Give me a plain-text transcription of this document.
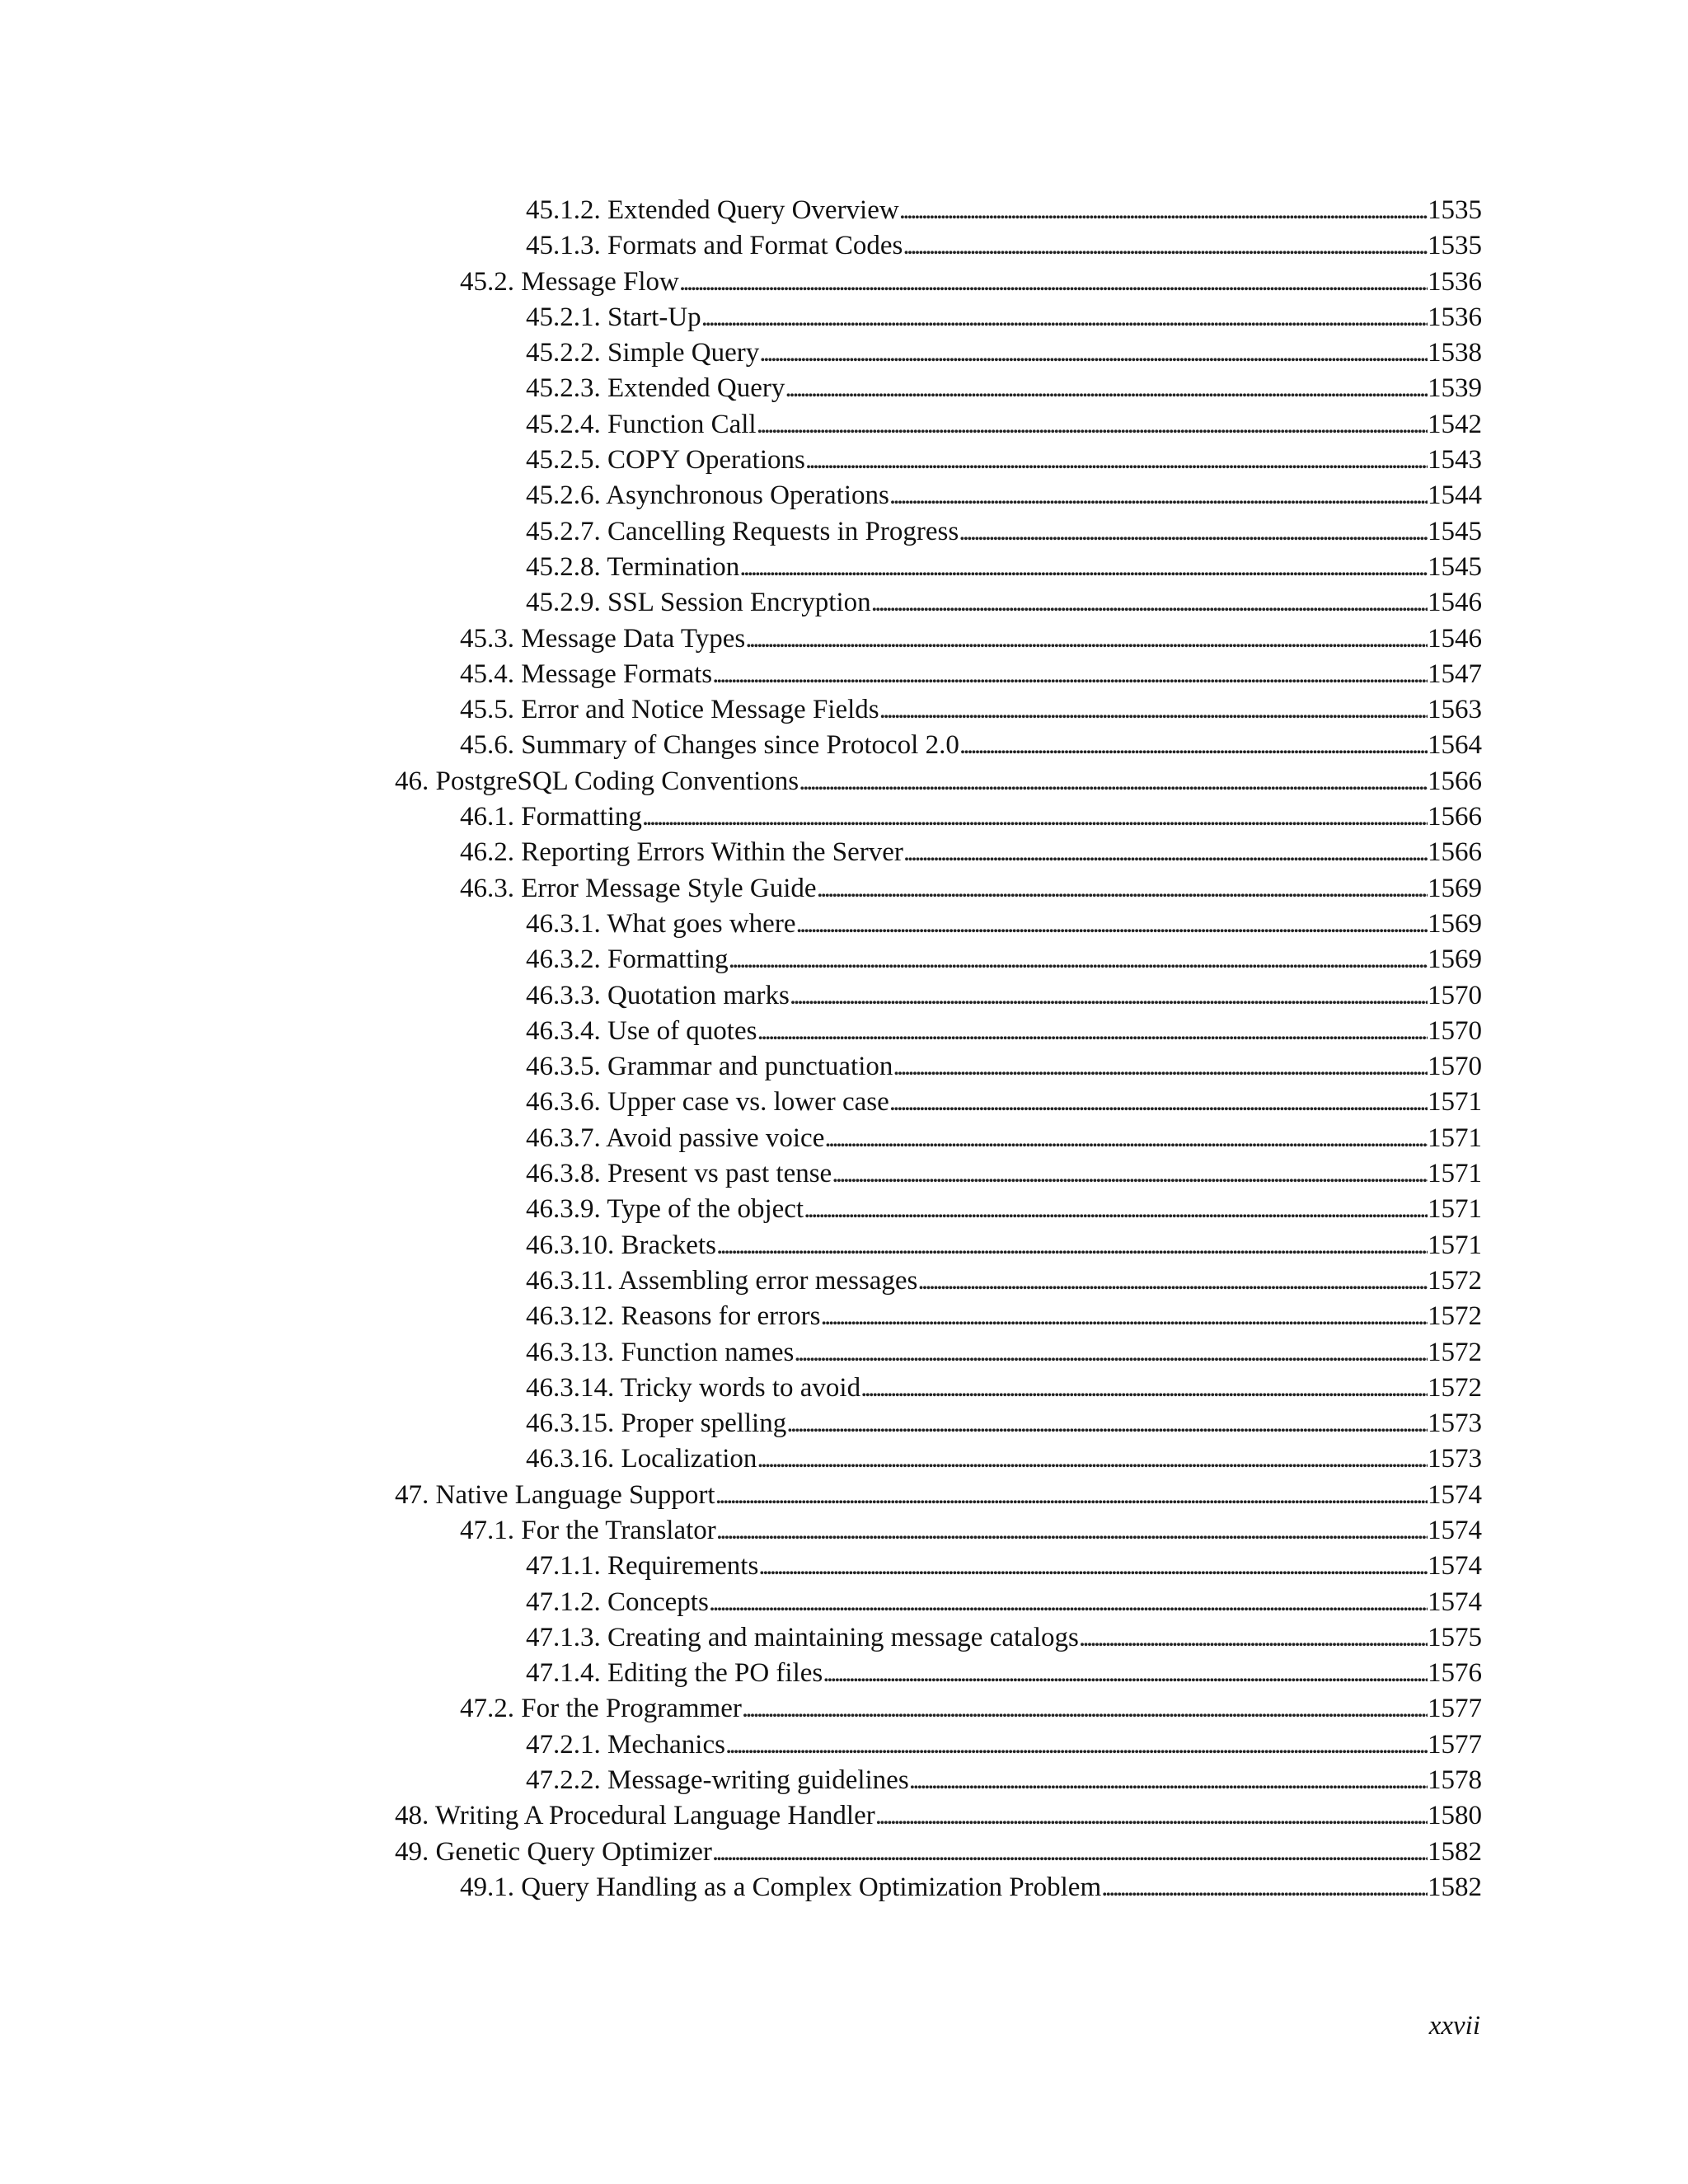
45.1.2. Extended Query Overview . . .	1535
45.1.3. Formats and Format Codes . . .	1535
45.2. Message Flow . . .	1536
45.2.1. Start-Up . . .	1536
45.2.2. Simple Query . . .	1538
45.2.3. Extended Query . . .	1539
45.2.4. Function Call . . .	1542
45.2.5. COPY Operations . . .	1543
45.2.6. Asynchronous Operations . . .	1544
45.2.7. Cancelling Requests in Progress . . .	1545
45.2.8. Termination . . .	1545
45.2.9. SSL Session Encryption . . .	1546
45.3. Message Data Types . . .	1546
45.4. Message Formats . . .	1547
45.5. Error and Notice Message Fields . . .	1563
45.6. Summary of Changes since Protocol 2.0 . . .	1564
46. PostgreSQL Coding Conventions . . .	1566
46.1. Formatting . . .	1566
46.2. Reporting Errors Within the Server . . .	1566
46.3. Error Message Style Guide . . .	1569
46.3.1. What goes where . . .	1569
46.3.2. Formatting . . .	1569
46.3.3. Quotation marks . . .	1570
46.3.4. Use of quotes . . .	1570
46.3.5. Grammar and punctuation . . .	1570
46.3.6. Upper case vs. lower case . . .	1571
46.3.7. Avoid passive voice . . .	1571
46.3.8. Present vs past tense . . .	1571
46.3.9. Type of the object . . .	1571
46.3.10. Brackets . . .	1571
46.3.11. Assembling error messages . . .	1572
46.3.12. Reasons for errors . . .	1572
46.3.13. Function names . . .	1572
46.3.14. Tricky words to avoid . . .	1572
46.3.15. Proper spelling . . .	1573
46.3.16. Localization . . .	1573
47. Native Language Support . . .	1574
47.1. For the Translator . . .	1574
47.1.1. Requirements . . .	1574
47.1.2. Concepts . . .	1574
47.1.3. Creating and maintaining message catalogs . . .	1575
47.1.4. Editing the PO files . . .	1576
47.2. For the Programmer . . .	1577
47.2.1. Mechanics . . .	1577
47.2.2. Message-writing guidelines . . .	1578
48. Writing A Procedural Language Handler . . .	1580
49. Genetic Query Optimizer . . .	1582
49.1. Query Handling as a Complex Optimization Problem . . .	1582
xxvii
